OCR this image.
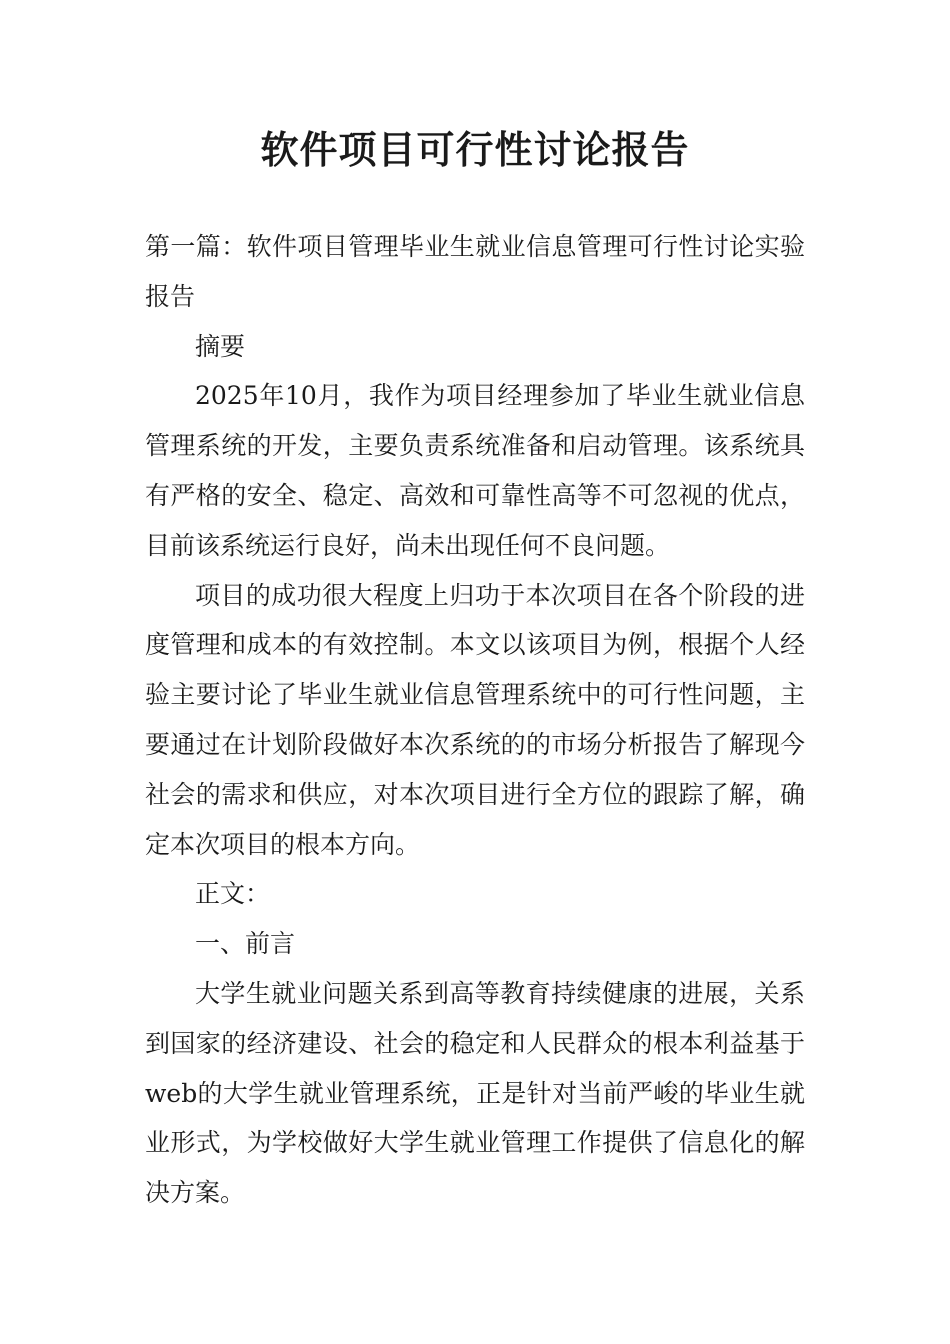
软件项目可行性讨论报告

第一篇：软件项目管理毕业生就业信息管理可行性讨论实验报告

摘要

2025年10月，我作为项目经理参加了毕业生就业信息管理系统的开发，主要负责系统准备和启动管理。该系统具有严格的安全、稳定、高效和可靠性高等不可忽视的优点，目前该系统运行良好，尚未出现任何不良问题。

项目的成功很大程度上归功于本次项目在各个阶段的进度管理和成本的有效控制。本文以该项目为例，根据个人经验主要讨论了毕业生就业信息管理系统中的可行性问题，主要通过在计划阶段做好本次系统的的市场分析报告了解现今社会的需求和供应，对本次项目进行全方位的跟踪了解，确定本次项目的根本方向。

正文：

一、前言

大学生就业问题关系到高等教育持续健康的进展，关系到国家的经济建设、社会的稳定和人民群众的根本利益基于web的大学生就业管理系统，正是针对当前严峻的毕业生就业形式，为学校做好大学生就业管理工作提供了信息化的解决方案。
